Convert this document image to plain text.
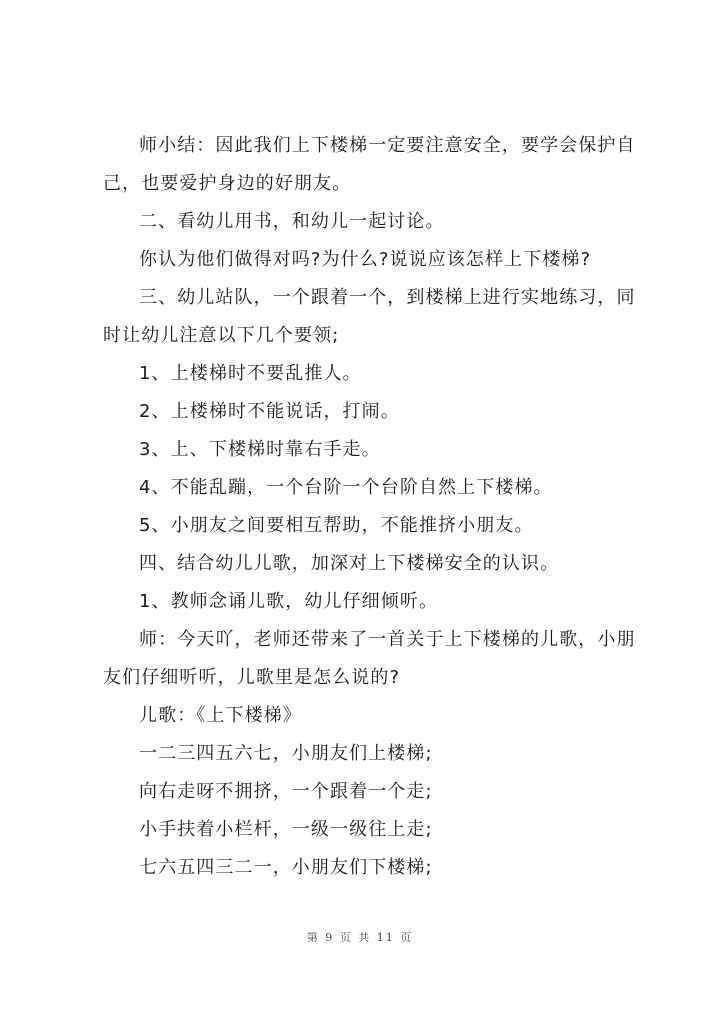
师小结：因此我们上下楼梯一定要注意安全，要学会保护自己，也要爱护身边的好朋友。

二、看幼儿用书，和幼儿一起讨论。

你认为他们做得对吗?为什么?说说应该怎样上下楼梯?

三、幼儿站队，一个跟着一个，到楼梯上进行实地练习，同时让幼儿注意以下几个要领;

1、上楼梯时不要乱推人。

2、上楼梯时不能说话，打闹。

3、上、下楼梯时靠右手走。

4、不能乱蹦，一个台阶一个台阶自然上下楼梯。

5、小朋友之间要相互帮助，不能推挤小朋友。

四、结合幼儿儿歌，加深对上下楼梯安全的认识。

1、教师念诵儿歌，幼儿仔细倾听。

师：今天吖，老师还带来了一首关于上下楼梯的儿歌，小朋友们仔细听听，儿歌里是怎么说的?

儿歌：《上下楼梯》

一二三四五六七，小朋友们上楼梯;

向右走呀不拥挤，一个跟着一个走;

小手扶着小栏杆，一级一级往上走;

七六五四三二一，小朋友们下楼梯;

第 9 页 共 11 页
